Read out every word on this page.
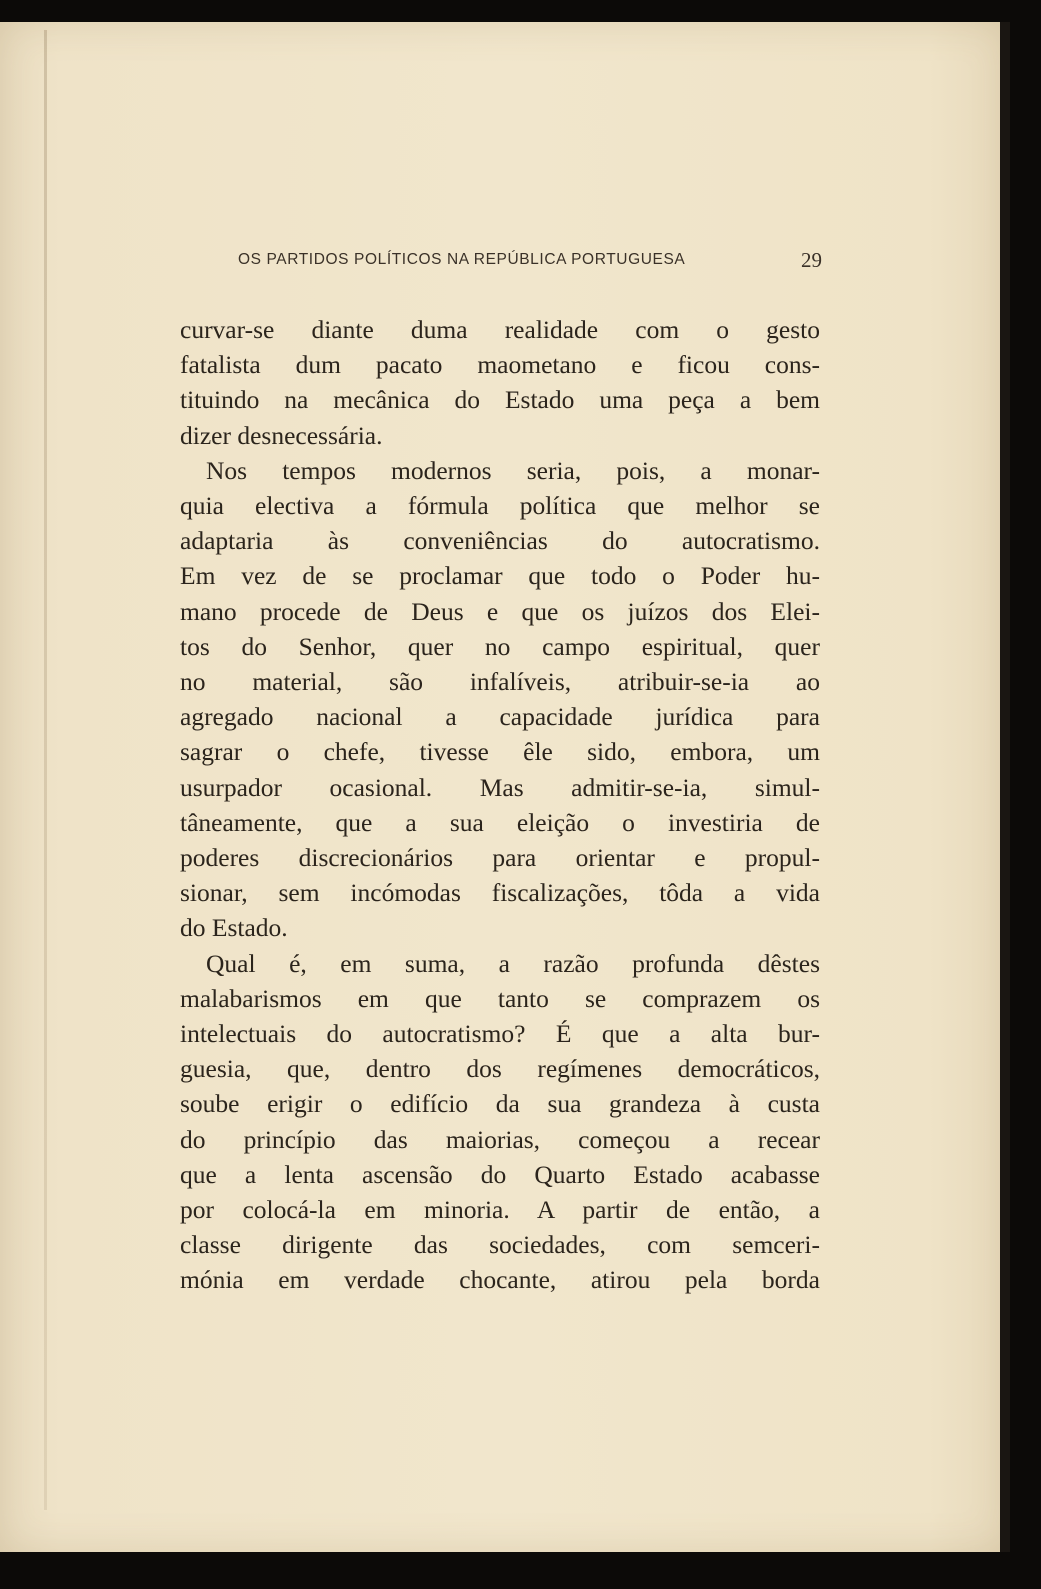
OS PARTIDOS POLÍTICOS NA REPÚBLICA PORTUGUESA	29
curvar-se diante duma realidade com o gesto
fatalista dum pacato maometano e ficou cons-
tituindo na mecânica do Estado uma peça a bem
dizer desnecessária.
Nos tempos modernos seria, pois, a monar-
quia electiva a fórmula política que melhor se
adaptaria às conveniências do autocratismo.
Em vez de se proclamar que todo o Poder hu-
mano procede de Deus e que os juízos dos Elei-
tos do Senhor, quer no campo espiritual, quer
no material, são infalíveis, atribuir-se-ia ao
agregado nacional a capacidade jurídica para
sagrar o chefe, tivesse êle sido, embora, um
usurpador ocasional. Mas admitir-se-ia, simul-
tâneamente, que a sua eleição o investiria de
poderes discrecionários para orientar e propul-
sionar, sem incómodas fiscalizações, tôda a vida
do Estado.
Qual é, em suma, a razão profunda dêstes
malabarismos em que tanto se comprazem os
intelectuais do autocratismo? É que a alta bur-
guesia, que, dentro dos regímenes democráticos,
soube erigir o edifício da sua grandeza à custa
do princípio das maiorias, começou a recear
que a lenta ascensão do Quarto Estado acabasse
por colocá-la em minoria. A partir de então, a
classe dirigente das sociedades, com semceri-
mónia em verdade chocante, atirou pela borda
